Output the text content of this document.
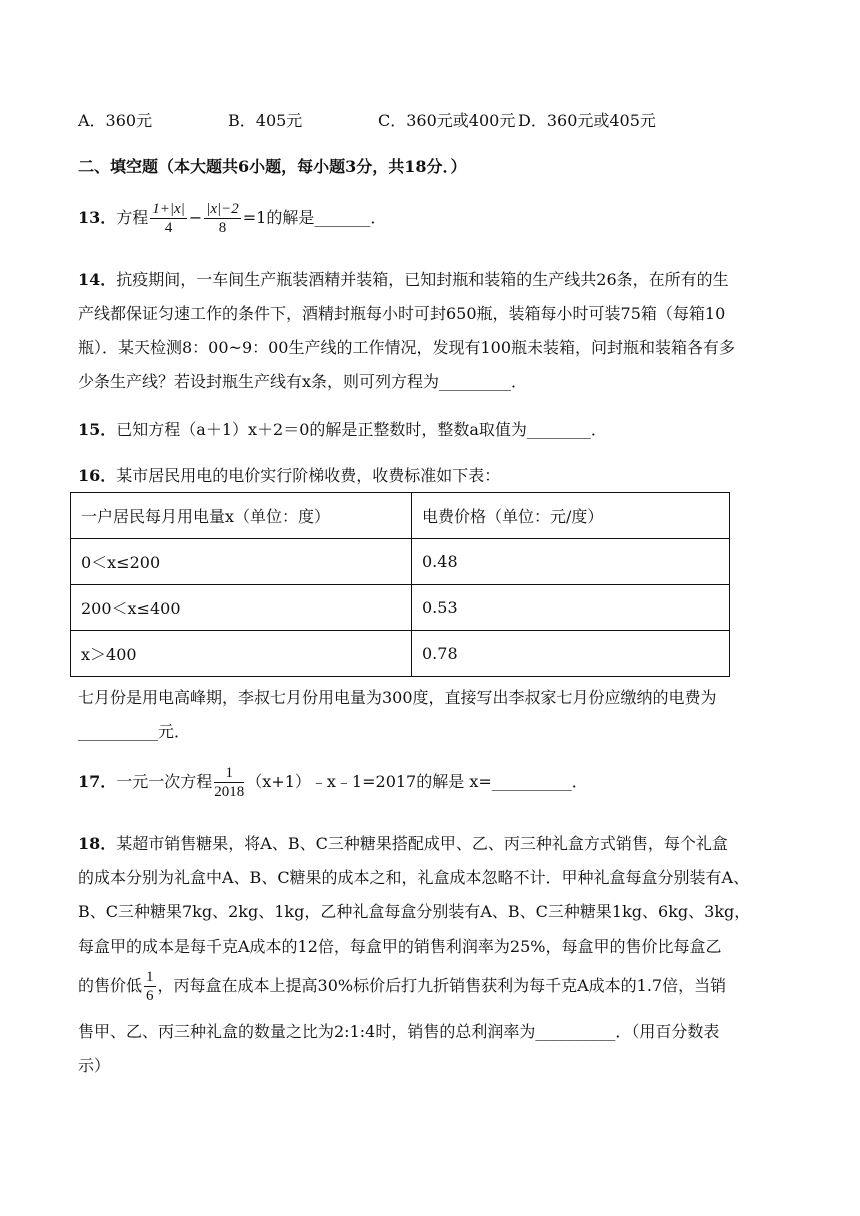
A．360元	B．405元	C．360元或400元 D．360元或405元
二、填空题（本大题共6小题，每小题3分，共18分．）
13．方程 $\frac{1+|x|}{4} - \frac{|x|-2}{8} =1$的解是_______．
14．抗疫期间，一车间生产瓶装酒精并装箱，已知封瓶和装箱的生产线共26条，在所有的生
产线都保证匀速工作的条件下，酒精封瓶每小时可封650瓶，装箱每小时可装75箱（每箱10
瓶）．某天检测8：00~9：00生产线的工作情况，发现有100瓶未装箱，问封瓶和装箱各有多
少条生产线？若设封瓶生产线有x条，则可列方程为_________．
15．已知方程（a＋1）x＋2＝0的解是正整数时，整数a取值为________．
16．某市居民用电的电价实行阶梯收费，收费标准如下表：
一户居民每月用电量x（单位：度）	电费价格（单位：元/度）
0＜x≤200	0.48
200＜x≤400	0.53
x＞400	0.78
七月份是用电高峰期，李叔七月份用电量为300度，直接写出李叔家七月份应缴纳的电费为
__________元．
17．一元一次方程 $\frac{1}{2018}$ （x+1）﹣x﹣1=2017的解是 x=__________．
18．某超市销售糖果，将A、B、C三种糖果搭配成甲、乙、丙三种礼盒方式销售，每个礼盒
的成本分别为礼盒中A、B、C糖果的成本之和，礼盒成本忽略不计．甲种礼盒每盒分别装有A、
B、C三种糖果7kg、2kg、1kg，乙种礼盒每盒分别装有A、B、C三种糖果1kg、6kg、3kg，
每盒甲的成本是每千克A成本的12倍，每盒甲的销售利润率为25%，每盒甲的售价比每盒乙
的售价低 $\frac{1}{6}$ ，丙每盒在成本上提高30%标价后打九折销售获利为每千克A成本的1.7倍，当销
售甲、乙、丙三种礼盒的数量之比为2:1:4时，销售的总利润率为__________．（用百分数表
示）
